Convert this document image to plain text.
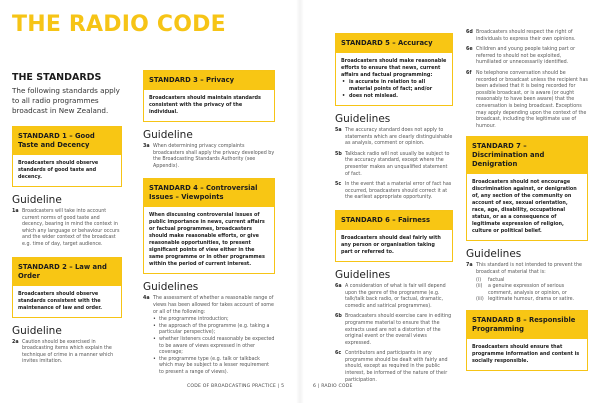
THE RADIO CODE
THE STANDARDS
The following standards apply to all radio programmes broadcast in New Zealand.
STANDARD 1 – Good Taste and Decency
Broadcasters should observe standards of good taste and decency.
Guideline
1a Broadcasters will take into account current norms of good taste and decency, bearing in mind the context in which any language or behaviour occurs and the wider context of the broadcast e.g. time of day, target audience.
STANDARD 2 – Law and Order
Broadcasters should observe standards consistent with the maintenance of law and order.
Guideline
2a Caution should be exercised in broadcasting items which explain the technique of crime in a manner which invites imitation.
STANDARD 3 – Privacy
Broadcasters should maintain standards consistent with the privacy of the individual.
Guideline
3a When determining privacy complaints broadcasters shall apply the privacy developed by the Broadcasting Standards Authority (see Appendix).
STANDARD 4 – Controversial Issues – Viewpoints
When discussing controversial issues of public importance in news, current affairs or factual programmes, broadcasters should make reasonable efforts, or give reasonable opportunities, to present significant points of view either in the same programme or in other programmes within the period of current interest.
Guidelines
4a The assessment of whether a reasonable range of views has been allowed for takes account of some or all of the following:
• the programme introduction;
• the approach of the programme (e.g. taking a particular perspective);
• whether listeners could reasonably be expected to be aware of views expressed in other coverage;
• the programme type (e.g. talk or talkback which may be subject to a lesser requirement to present a range of views).
STANDARD 5 – Accuracy
Broadcasters should make reasonable efforts to ensure that news, current affairs and factual programming:
• is accurate in relation to all material points of fact; and/or
• does not mislead.
Guidelines
5a The accuracy standard does not apply to statements which are clearly distinguishable as analysis, comment or opinion.
5b Talkback radio will not usually be subject to the accuracy standard, except where the presenter makes an unqualified statement of fact.
5c In the event that a material error of fact has occurred, broadcasters should correct it at the earliest appropriate opportunity.
STANDARD 6 – Fairness
Broadcasters should deal fairly with any person or organisation taking part or referred to.
Guidelines
6a A consideration of what is fair will depend upon the genre of the programme (e.g. talk/talk back radio, or factual, dramatic, comedic and satirical programmes).
6b Broadcasters should exercise care in editing programme material to ensure that the extracts used are not a distortion of the original event or the overall views expressed.
6c Contributors and participants in any programme should be dealt with fairly and should, except as required in the public interest, be informed of the nature of their participation.
6d Broadcasters should respect the right of individuals to express their own opinions.
6e Children and young people taking part or referred to should not be exploited, humiliated or unnecessarily identified.
6f No telephone conversation should be recorded or broadcast unless the recipient has been advised that it is being recorded for possible broadcast, or is aware (or ought reasonably to have been aware) that the conversation is being broadcast. Exceptions may apply depending upon the context of the broadcast, including the legitimate use of humour.
STANDARD 7 – Discrimination and Denigration
Broadcasters should not encourage discrimination against, or denigration of, any section of the community on account of sex, sexual orientation, race, age, disability, occupational status, or as a consequence of legitimate expression of religion, culture or political belief.
Guidelines
7a This standard is not intended to prevent the broadcast of material that is:
(i) factual
(ii) a genuine expression of serious comment, analysis or opinion, or
(iii) legitimate humour, drama or satire.
STANDARD 8 – Responsible Programming
Broadcasters should ensure that programme information and content is socially responsible.
CODE OF BROADCASTING PRACTICE | 5	6 | RADIO CODE
